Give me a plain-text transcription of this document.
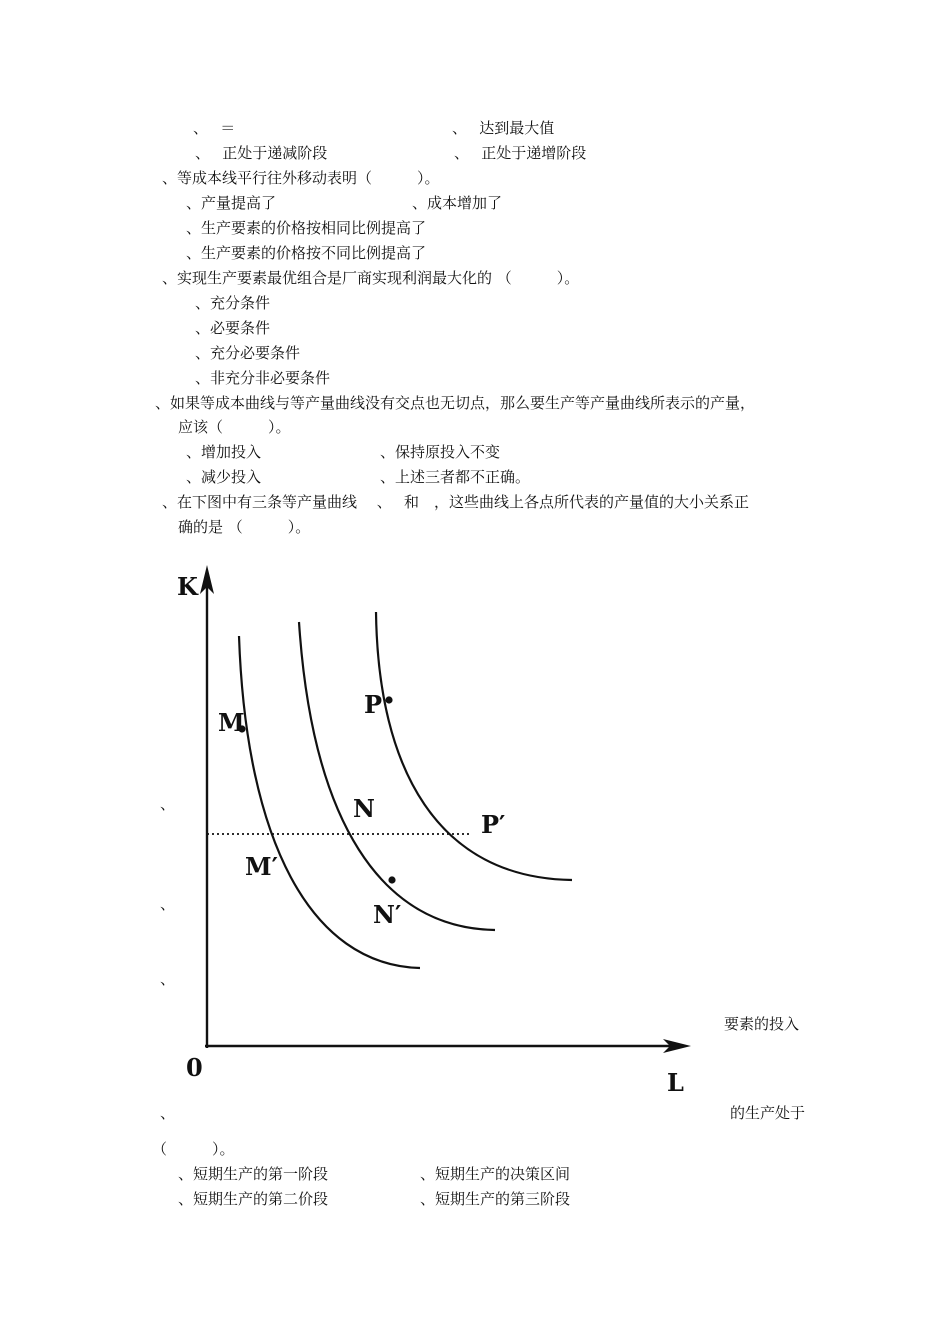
、　 ＝	、　 达到最大值
、　 正处于递减阶段	、　 正处于递增阶段
、等成本线平行往外移动表明（　　　）。
、产量提高了	、成本增加了
、生产要素的价格按相同比例提高了
、生产要素的价格按不同比例提高了
、实现生产要素最优组合是厂商实现利润最大化的 （　　　）。
、充分条件
、必要条件
、充分必要条件
、非充分非必要条件
、如果等成本曲线与等产量曲线没有交点也无切点，那么要生产等产量曲线所表示的产量，
应该（　　　）。
、增加投入	、保持原投入不变
、减少投入	、上述三者都不正确。
、在下图中有三条等产量曲线　 、　 和　，这些曲线上各点所代表的产量值的大小关系正
确的是 （　　　）。
、
、
、
要素的投入
、	的生产处于
（　　　）。
、短期生产的第一阶段	、短期生产的决策区间
、短期生产的第二价段	、短期生产的第三阶段
K
L
0
M
M′
N
N′
P
P′
